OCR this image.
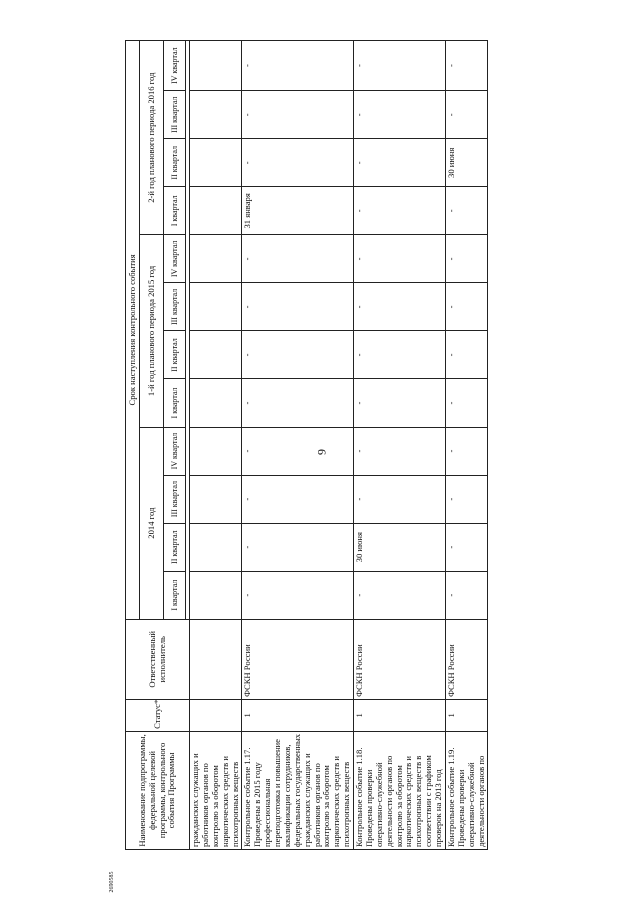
9
2690585
Наименование подпрограммы, федеральной целевой программы, контрольного события Программы	Статус*	Ответственный исполнитель	Срок наступления контрольного события											
			2014 год				1-й год планового периода 2015 год				2-й год планового периода 2016 год			
			I квартал	II квартал	III квартал	IV квартал	I квартал	II квартал	III квартал	IV квартал	I квартал	II квартал	III квартал	IV квартал

гражданских служащих и работников органов по контролю за оборотом наркотических средств и психотропных веществ														
Контрольное событие 1.17. Проведены в 2015 году профессиональная переподготовка и повышение квалификации сотрудников, федеральных государственных гражданских служащих и работников органов по контролю за оборотом наркотических средств и психотропных веществ	1	ФСКН России	-	-	-	-	-	-	-	-	31 января	-	-	-
Контрольное событие 1.18. Проведены проверки оперативно-служебной деятельности органов по контролю за оборотом наркотических средств и психотропных веществ в соответствии с графиком проверок на 2013 год	1	ФСКН России	-	30 июня	-	-	-	-	-	-	-	-	-	-
Контрольное событие 1.19. Проведены проверки оперативно-служебной деятельности органов по	1	ФСКН России	-	-	-	-	-	-	-	-	-	30 июня	-	-
